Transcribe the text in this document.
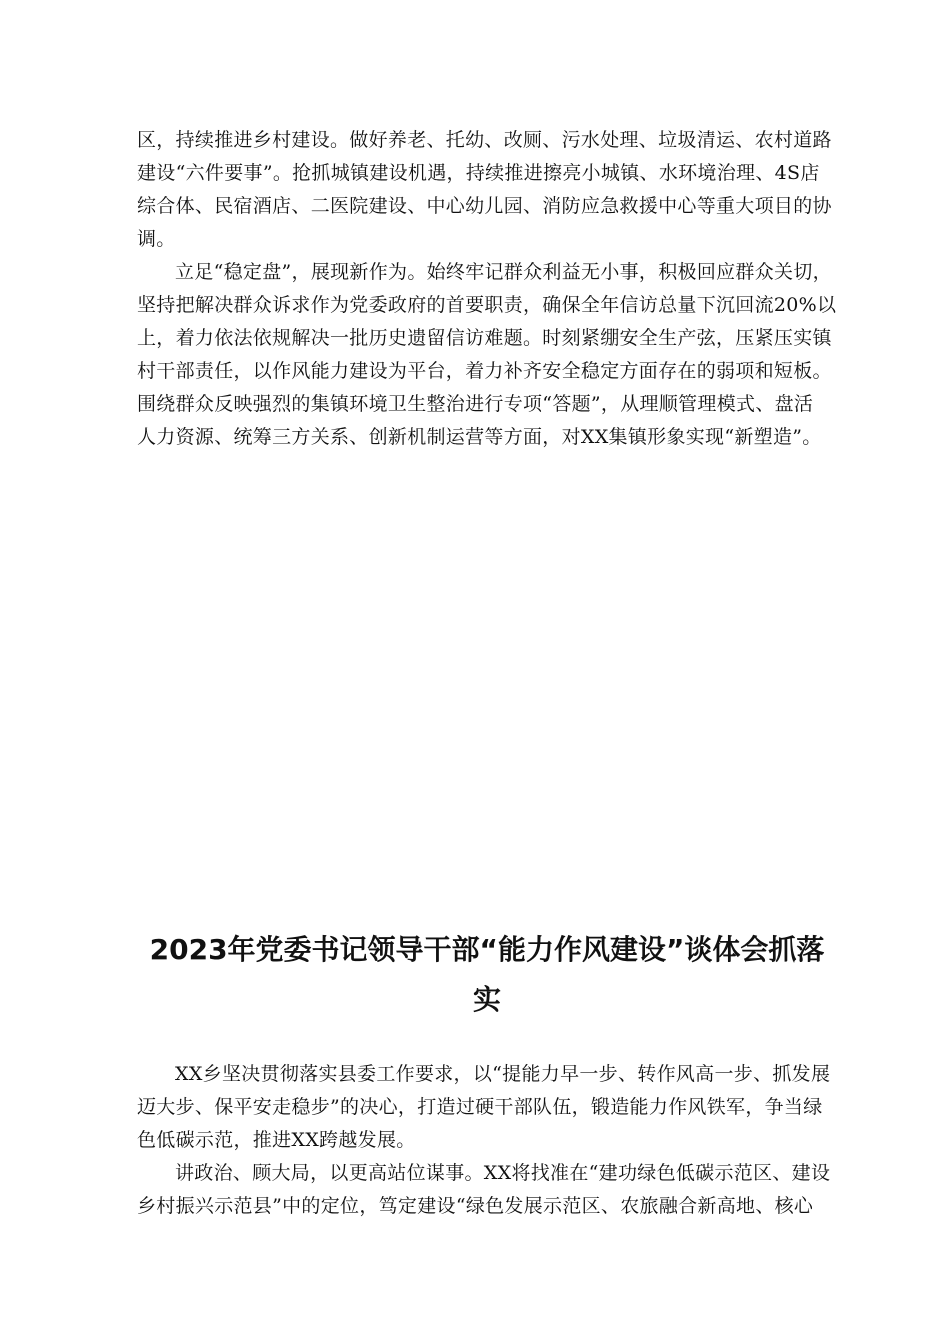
区，持续推进乡村建设。做好养老、托幼、改厕、污水处理、垃圾清运、农村道路
建设“六件要事”。抢抓城镇建设机遇，持续推进擦亮小城镇、水环境治理、4S店
综合体、民宿酒店、二医院建设、中心幼儿园、消防应急救援中心等重大项目的协
调。
立足“稳定盘”，展现新作为。始终牢记群众利益无小事，积极回应群众关切，
坚持把解决群众诉求作为党委政府的首要职责，确保全年信访总量下沉回流20%以
上，着力依法依规解决一批历史遗留信访难题。时刻紧绷安全生产弦，压紧压实镇
村干部责任，以作风能力建设为平台，着力补齐安全稳定方面存在的弱项和短板。
围绕群众反映强烈的集镇环境卫生整治进行专项“答题”，从理顺管理模式、盘活
人力资源、统筹三方关系、创新机制运营等方面，对XX集镇形象实现“新塑造”。
2023年党委书记领导干部“能力作风建设”谈体会抓落
实
XX乡坚决贯彻落实县委工作要求，以“提能力早一步、转作风高一步、抓发展
迈大步、保平安走稳步”的决心，打造过硬干部队伍，锻造能力作风铁军，争当绿
色低碳示范，推进XX跨越发展。
讲政治、顾大局，以更高站位谋事。XX将找准在“建功绿色低碳示范区、建设
乡村振兴示范县”中的定位，笃定建设“绿色发展示范区、农旅融合新高地、核心
